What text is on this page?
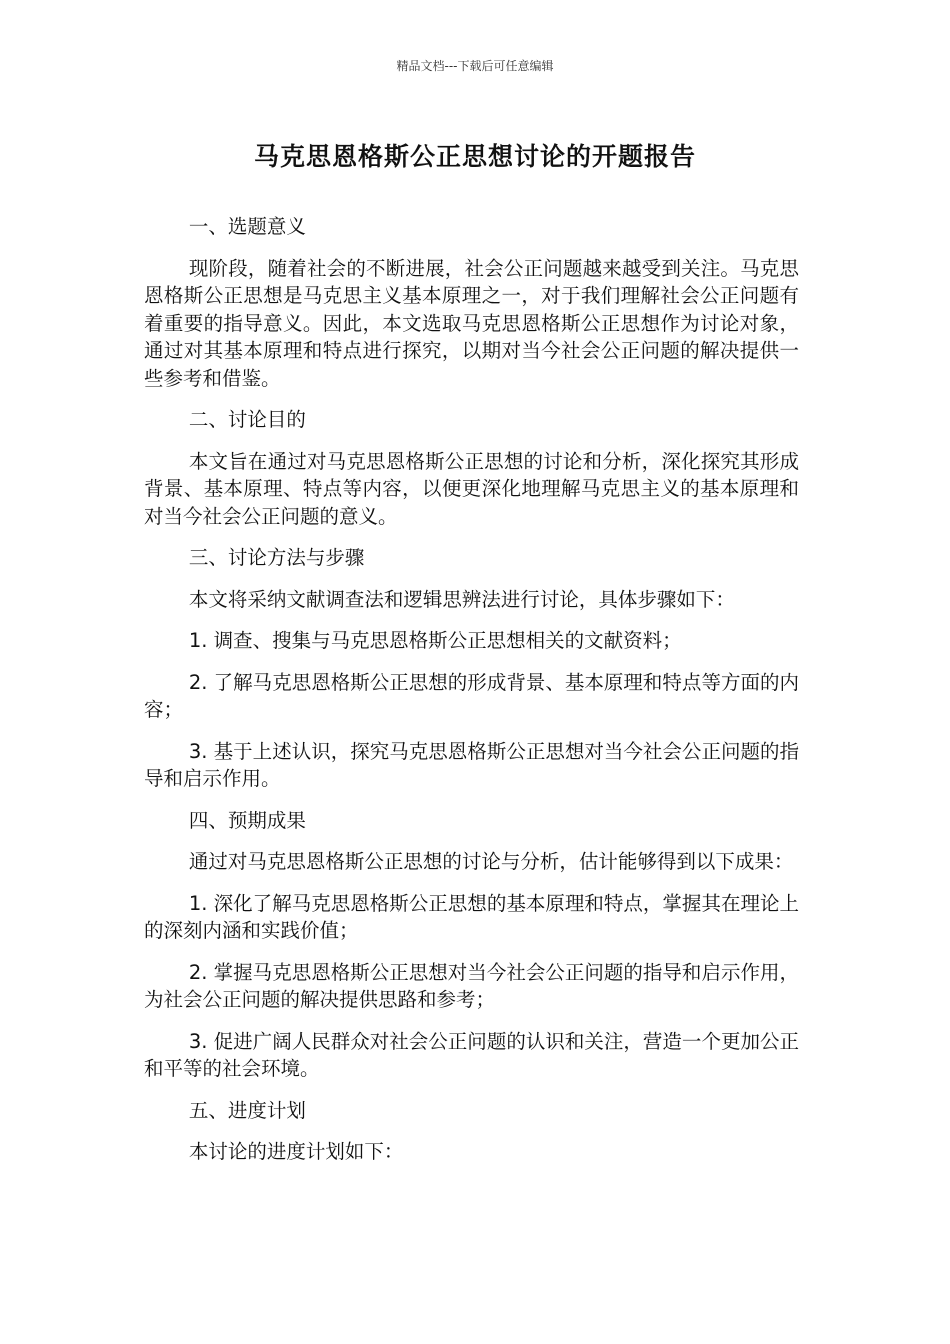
精品文档---下载后可任意编辑
马克思恩格斯公正思想讨论的开题报告

一、选题意义

现阶段，随着社会的不断进展，社会公正问题越来越受到关注。马克思恩格斯公正思想是马克思主义基本原理之一，对于我们理解社会公正问题有着重要的指导意义。因此，本文选取马克思恩格斯公正思想作为讨论对象，通过对其基本原理和特点进行探究，以期对当今社会公正问题的解决提供一些参考和借鉴。

二、讨论目的

本文旨在通过对马克思恩格斯公正思想的讨论和分析，深化探究其形成背景、基本原理、特点等内容，以便更深化地理解马克思主义的基本原理和对当今社会公正问题的意义。

三、讨论方法与步骤

本文将采纳文献调查法和逻辑思辨法进行讨论，具体步骤如下：

1. 调查、搜集与马克思恩格斯公正思想相关的文献资料；

2. 了解马克思恩格斯公正思想的形成背景、基本原理和特点等方面的内容；

3. 基于上述认识，探究马克思恩格斯公正思想对当今社会公正问题的指导和启示作用。

四、预期成果

通过对马克思恩格斯公正思想的讨论与分析，估计能够得到以下成果：

1. 深化了解马克思恩格斯公正思想的基本原理和特点，掌握其在理论上的深刻内涵和实践价值；

2. 掌握马克思恩格斯公正思想对当今社会公正问题的指导和启示作用，为社会公正问题的解决提供思路和参考；

3. 促进广阔人民群众对社会公正问题的认识和关注，营造一个更加公正和平等的社会环境。

五、进度计划

本讨论的进度计划如下：
